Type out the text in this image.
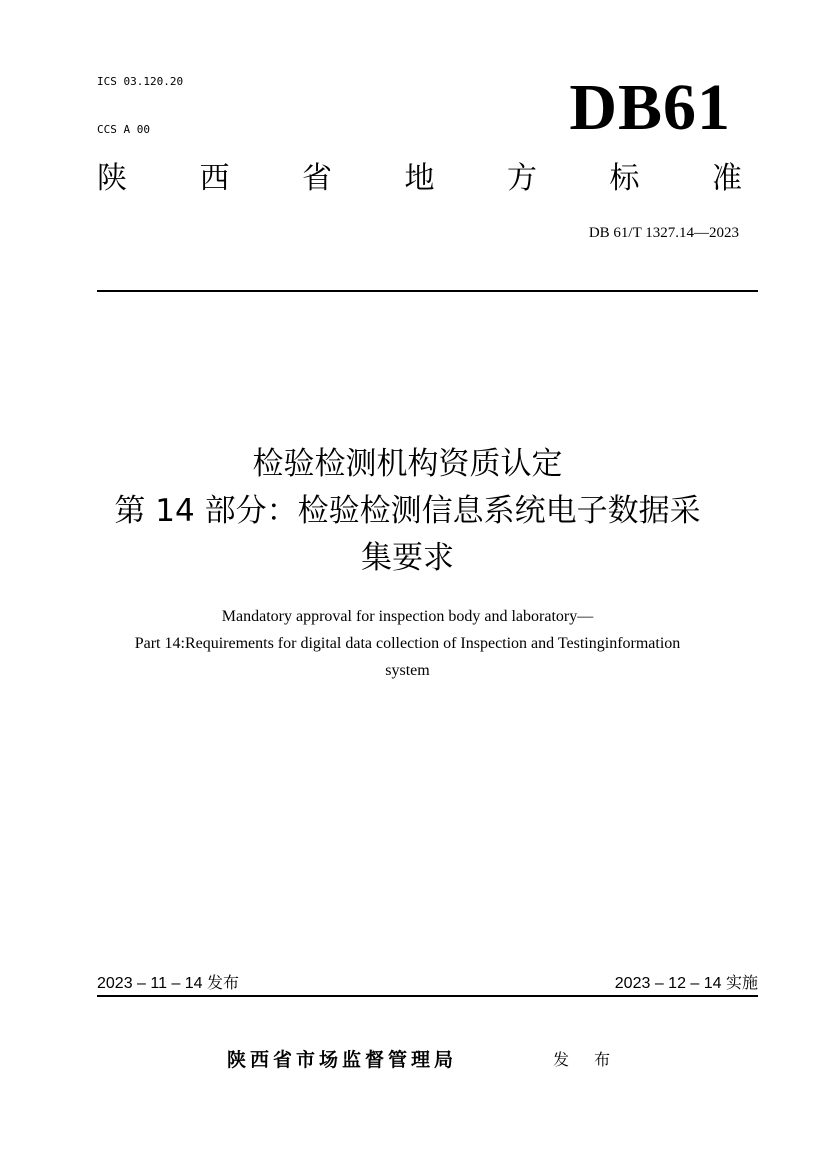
ICS 03.120.20

CCS A 00	DB61
陕 西 省 地 方 标 准
DB 61/T 1327.14—2023
检验检测机构资质认定
第 14 部分：检验检测信息系统电子数据采
集要求
Mandatory approval for inspection body and laboratory—
Part 14:Requirements for digital data collection of Inspection and Testinginformation
system
2023 – 11 – 14 发布	2023 – 12 – 14 实施
陕西省市场监督管理局	发 布
